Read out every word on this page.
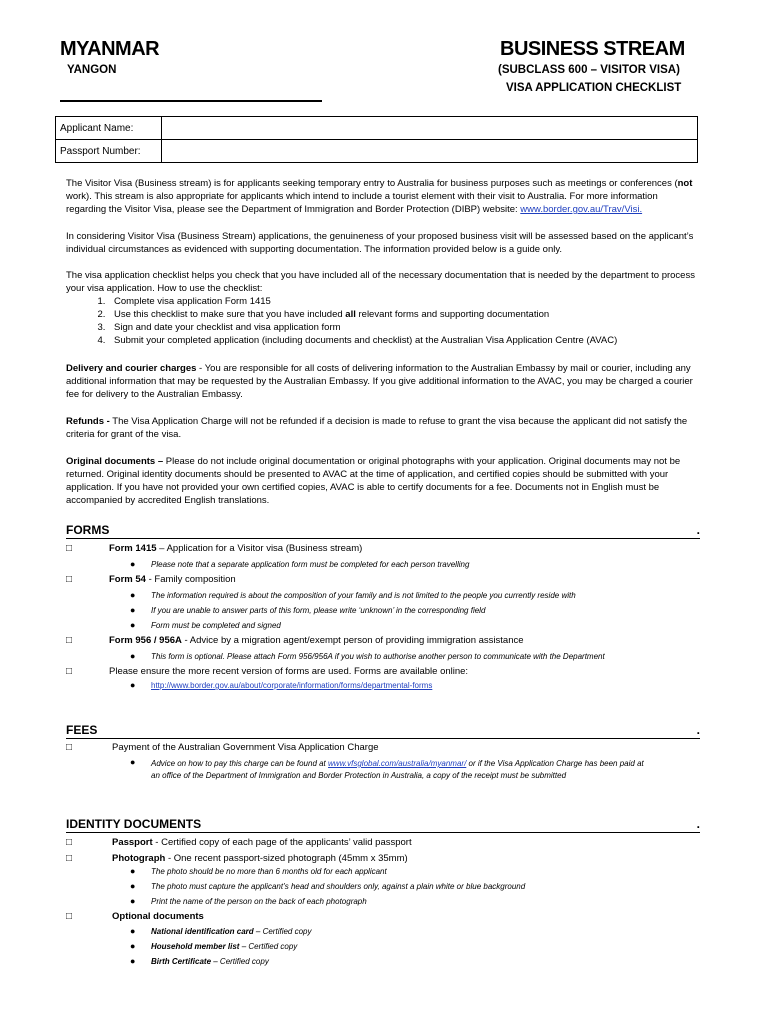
MYANMAR
YANGON
BUSINESS STREAM
(SUBCLASS 600 – VISITOR VISA)
VISA APPLICATION CHECKLIST
Applicant Name:	
Passport Number:	

The Visitor Visa (Business stream) is for applicants seeking temporary entry to Australia for business purposes such as meetings or conferences (not work). This stream is also appropriate for applicants which intend to include a tourist element with their visit to Australia. For more information regarding the Visitor Visa, please see the Department of Immigration and Border Protection (DIBP) website: www.border.gov.au/Trav/Visi.

In considering Visitor Visa (Business Stream) applications, the genuineness of your proposed business visit will be assessed based on the applicant’s individual circumstances as evidenced with supporting documentation. The information provided below is a guide only.

The visa application checklist helps you check that you have included all of the necessary documentation that is needed by the department to process your visa application. How to use the checklist:

1. Complete visa application Form 1415
2. Use this checklist to make sure that you have included all relevant forms and supporting documentation
3. Sign and date your checklist and visa application form
4. Submit your completed application (including documents and checklist) at the Australian Visa Application Centre (AVAC)
Delivery and courier charges - You are responsible for all costs of delivering information to the Australian Embassy by mail or courier, including any additional information that may be requested by the Australian Embassy. If you give additional information to the AVAC, you may be charged a courier fee for delivery to the Australian Embassy.
Refunds - The Visa Application Charge will not be refunded if a decision is made to refuse to grant the visa because the applicant did not satisfy the criteria for grant of the visa.
Original documents – Please do not include original documentation or original photographs with your application. Original documents may not be returned. Original identity documents should be presented to AVAC at the time of application, and certified copies should be submitted with your application. If you have not provided your own certified copies, AVAC is able to certify documents for a fee. Documents not in English must be accompanied by accredited English translations.
FORMS	.
□	Form 1415 – Application for a Visitor visa (Business stream)
● Please note that a separate application form must be completed for each person travelling
□	Form 54 - Family composition
● The information required is about the composition of your family and is not limited to the people you currently reside with
● If you are unable to answer parts of this form, please write ‘unknown’ in the corresponding field
● Form must be completed and signed
□	Form 956 / 956A - Advice by a migration agent/exempt person of providing immigration assistance
● This form is optional. Please attach Form 956/956A if you wish to authorise another person to communicate with the Department
□	Please ensure the more recent version of forms are used. Forms are available online:
● http://www.border.gov.au/about/corporate/information/forms/departmental-forms
FEES	.
□	Payment of the Australian Government Visa Application Charge
● Advice on how to pay this charge can be found at www.vfsglobal.com/australia/myanmar/ or if the Visa Application Charge has been paid at
an office of the Department of Immigration and Border Protection in Australia, a copy of the receipt must be submitted
IDENTITY DOCUMENTS	.
□	Passport - Certified copy of each page of the applicants’ valid passport
□	Photograph - One recent passport-sized photograph (45mm x 35mm)
● The photo should be no more than 6 months old for each applicant
● The photo must capture the applicant’s head and shoulders only, against a plain white or blue background
● Print the name of the person on the back of each photograph
□	Optional documents
● National identification card – Certified copy
● Household member list – Certified copy
● Birth Certificate – Certified copy
